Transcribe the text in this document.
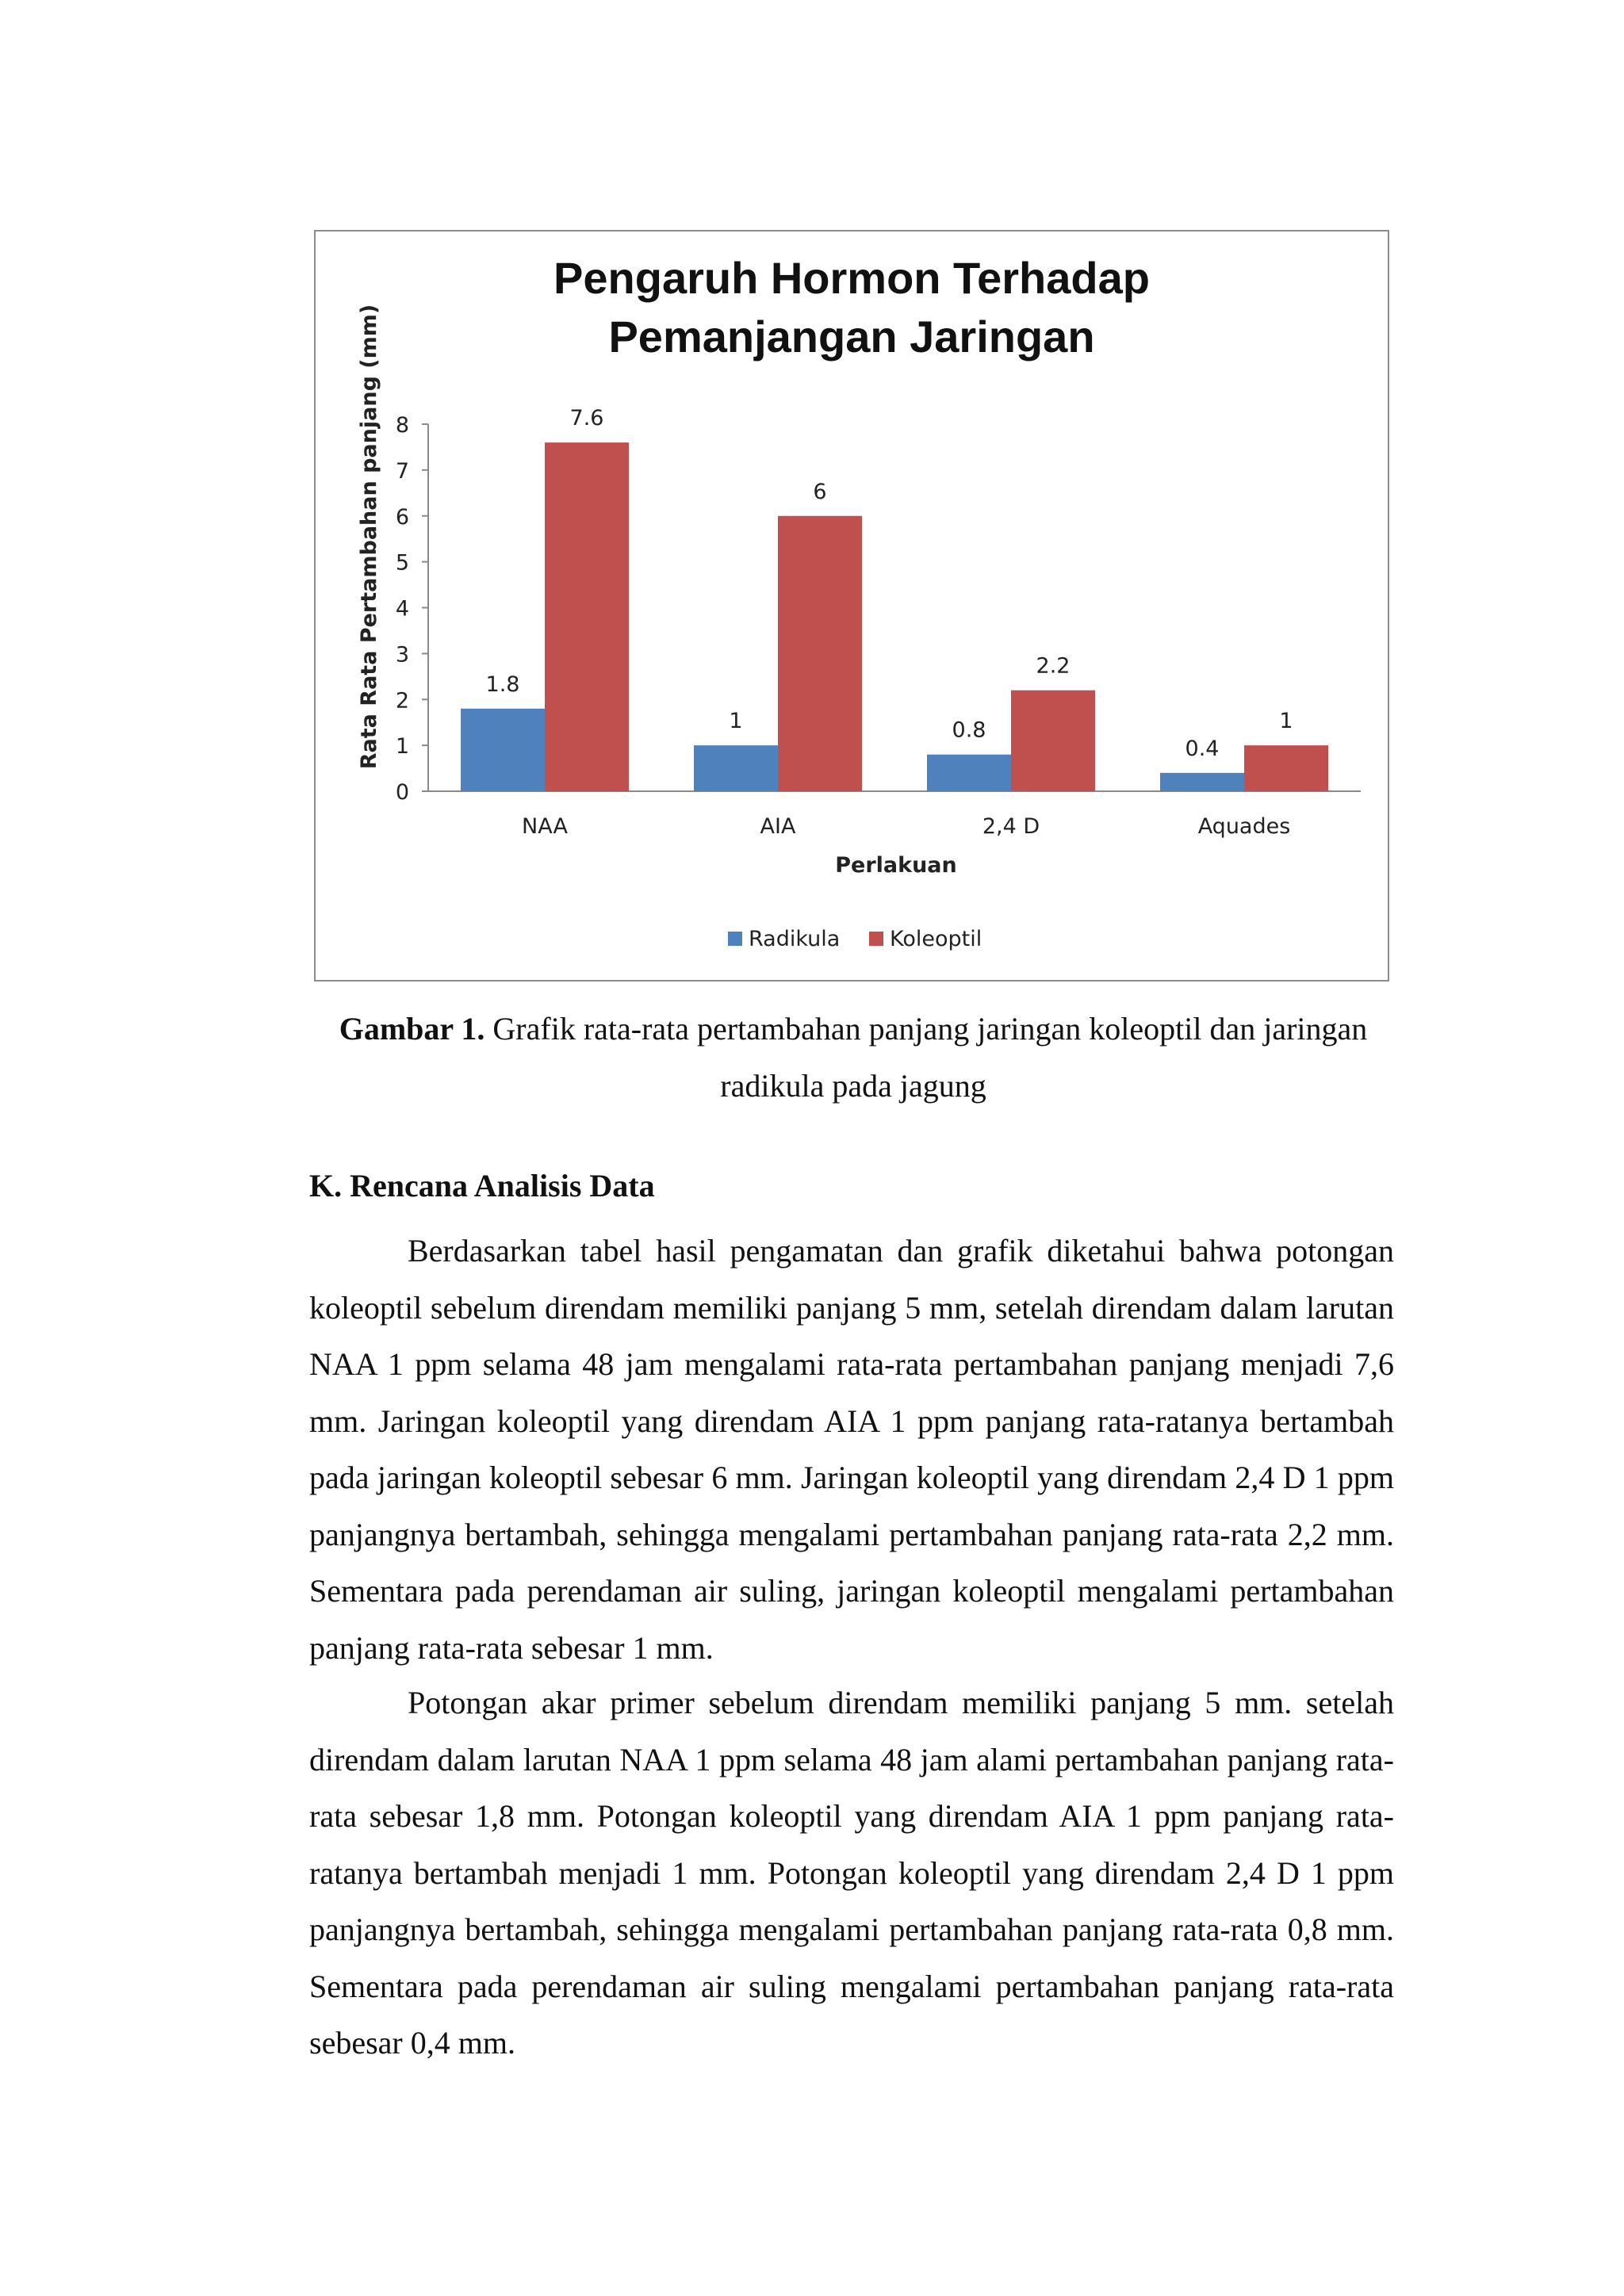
Pengaruh Hormon Terhadap
Pemanjangan Jaringan
0
1
2
3
4
5
6
7
8
NAA
1.8
7.6
AIA
1
6
2,4 D
0.8
2.2
Aquades
0.4
1
Perlakuan
Rata Rata Pertambahan panjang (mm)
Radikula Koleoptil
Gambar 1. Grafik rata-rata pertambahan panjang jaringan koleoptil dan jaringan radikula pada jagung
K. Rencana Analisis Data

Berdasarkan tabel hasil pengamatan dan grafik diketahui bahwa potongan koleoptil sebelum direndam memiliki panjang 5 mm, setelah direndam dalam larutan NAA 1 ppm selama 48 jam mengalami rata-rata pertambahan panjang menjadi 7,6 mm. Jaringan koleoptil yang direndam AIA 1 ppm panjang rata-ratanya bertambah pada jaringan koleoptil sebesar 6 mm. Jaringan koleoptil yang direndam 2,4 D 1 ppm panjangnya bertambah, sehingga mengalami pertambahan panjang rata-rata 2,2 mm. Sementara pada perendaman air suling, jaringan koleoptil mengalami pertambahan panjang rata-rata sebesar 1 mm.

Potongan akar primer sebelum direndam memiliki panjang 5 mm. setelah direndam dalam larutan NAA 1 ppm selama 48 jam alami pertambahan panjang rata-rata sebesar 1,8 mm. Potongan koleoptil yang direndam AIA 1 ppm panjang rata-ratanya bertambah menjadi 1 mm. Potongan koleoptil yang direndam 2,4 D 1 ppm panjangnya bertambah, sehingga mengalami pertambahan panjang rata-rata 0,8 mm. Sementara pada perendaman air suling mengalami pertambahan panjang rata-rata sebesar 0,4 mm.
